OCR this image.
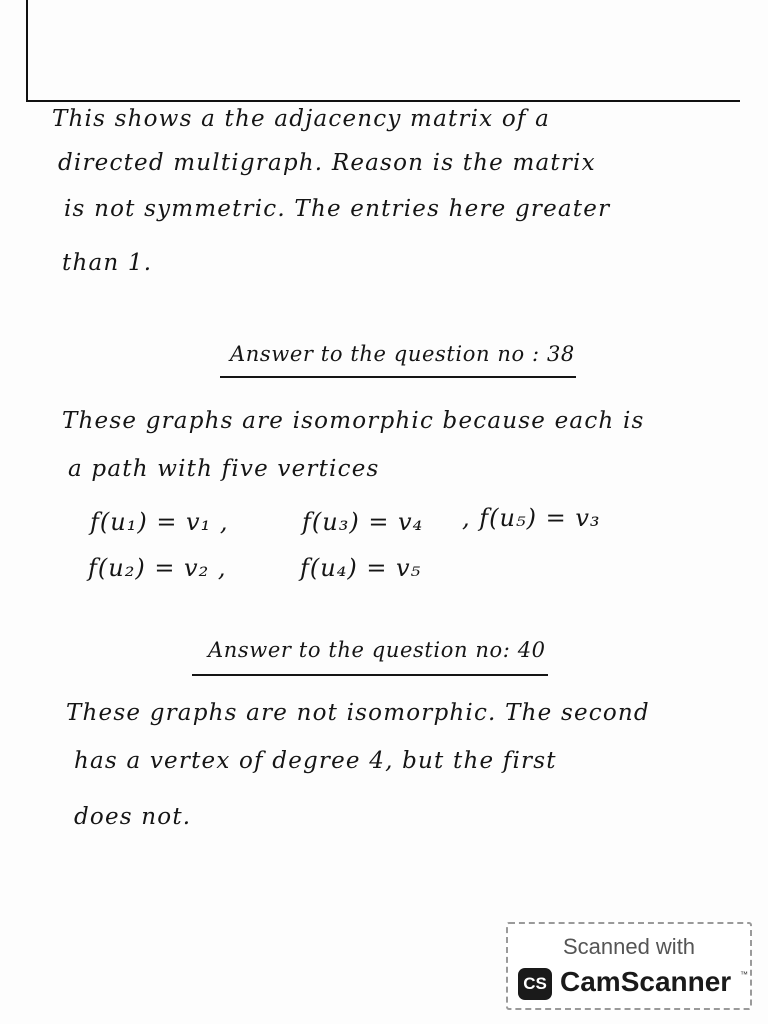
This shows a the adjacency matrix of a
directed multigraph. Reason is the matrix
is not symmetric. The entries here greater
than 1.
Answer to the question no : 38
These graphs are isomorphic because each is
a path with five vertices
f(u₁) = v₁ ,	f(u₃) = v₄ , f(u₅) = v₃
f(u₂) = v₂ ,	f(u₄) = v₅
Answer to the question no: 40
These graphs are not isomorphic. The second
has a vertex of degree 4, but the first
does not.
Scanned with
CS CamScanner ™
